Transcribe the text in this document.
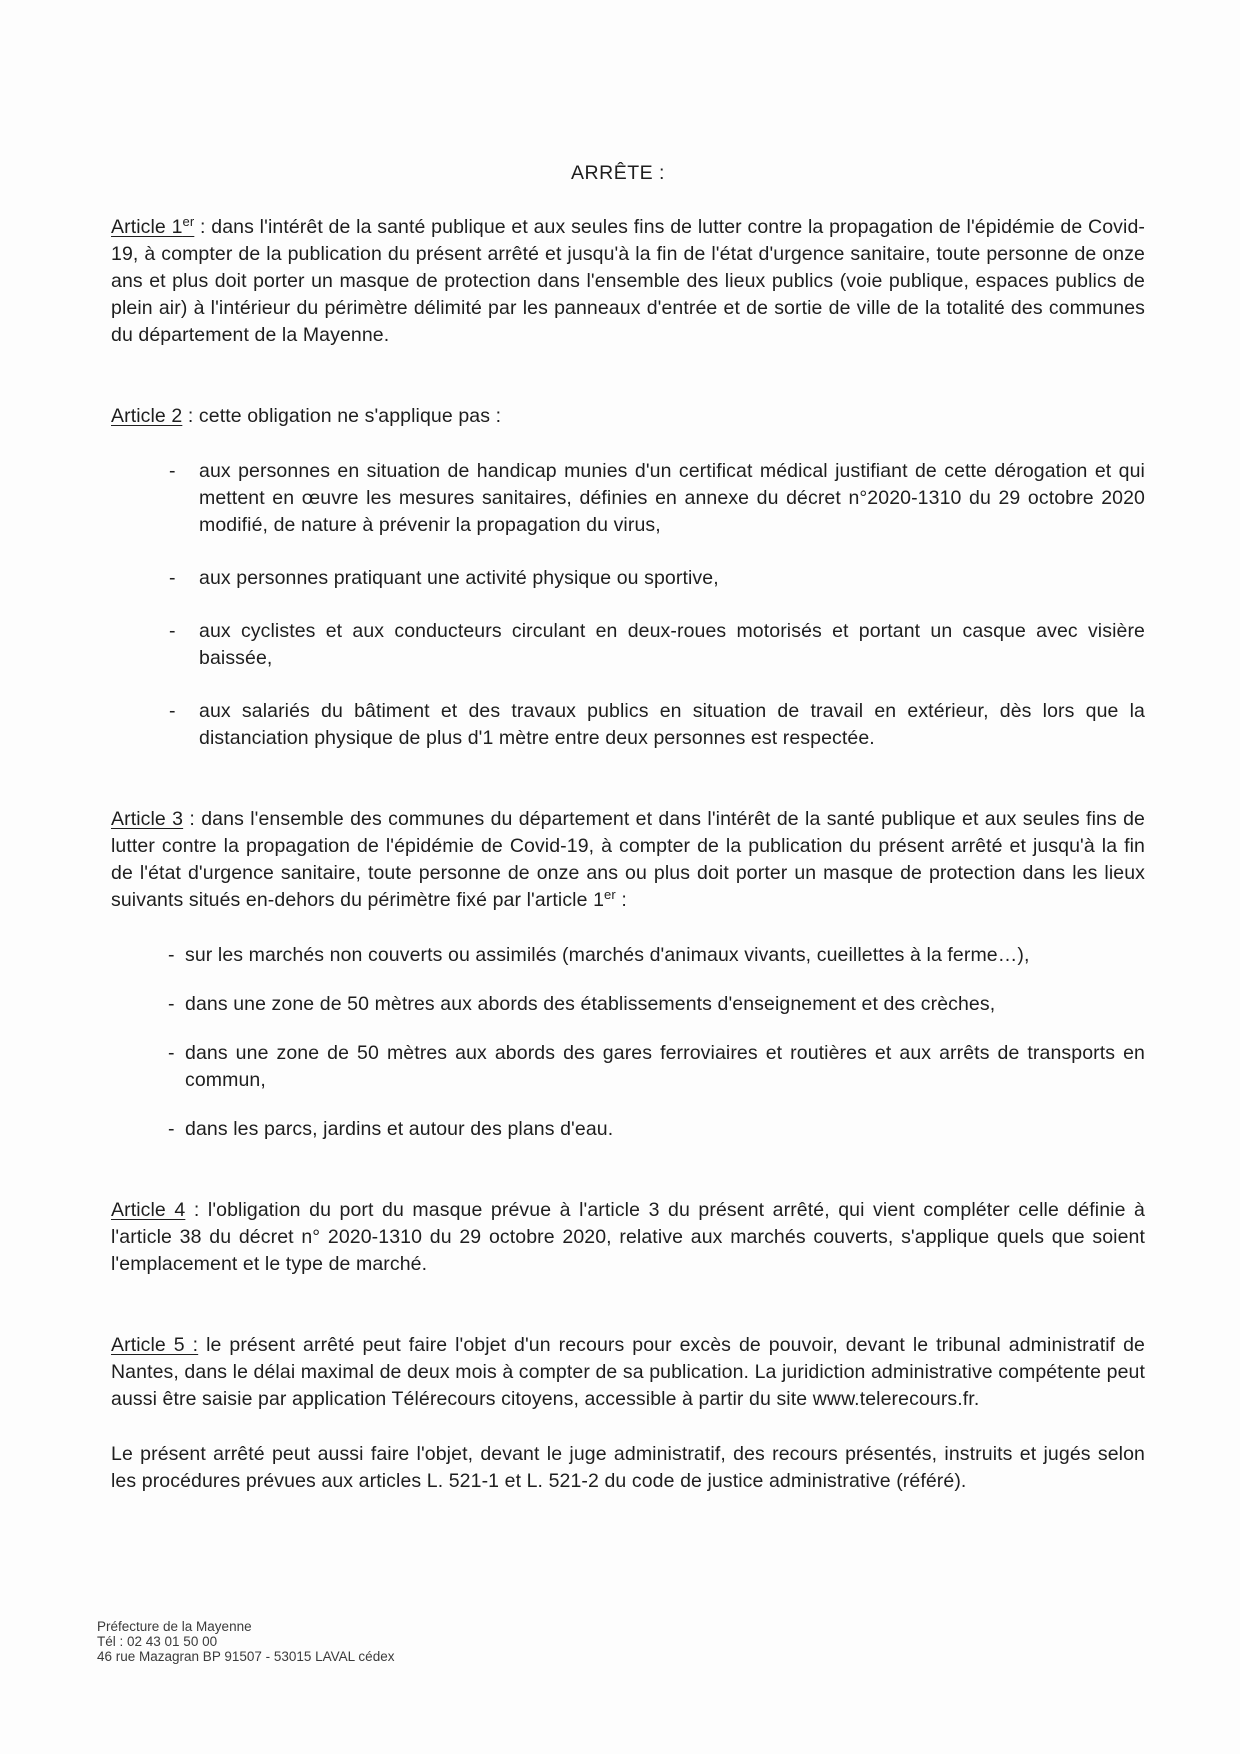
ARRÊTE :

Article 1er : dans l'intérêt de la santé publique et aux seules fins de lutter contre la propagation de l'épidémie de Covid-19, à compter de la publication du présent arrêté et jusqu'à la fin de l'état d'urgence sanitaire, toute personne de onze ans et plus doit porter un masque de protection dans l'ensemble des lieux publics (voie publique, espaces publics de plein air) à l'intérieur du périmètre délimité par les panneaux d'entrée et de sortie de ville de la totalité des communes du département de la Mayenne.

Article 2 : cette obligation ne s'applique pas :

- aux personnes en situation de handicap munies d'un certificat médical justifiant de cette dérogation et qui mettent en œuvre les mesures sanitaires, définies en annexe du décret n°2020-1310 du 29 octobre 2020 modifié, de nature à prévenir la propagation du virus,
- aux personnes pratiquant une activité physique ou sportive,
- aux cyclistes et aux conducteurs circulant en deux-roues motorisés et portant un casque avec visière baissée,
- aux salariés du bâtiment et des travaux publics en situation de travail en extérieur, dès lors que la distanciation physique de plus d'1 mètre entre deux personnes est respectée.

Article 3 : dans l'ensemble des communes du département et dans l'intérêt de la santé publique et aux seules fins de lutter contre la propagation de l'épidémie de Covid-19, à compter de la publication du présent arrêté et jusqu'à la fin de l'état d'urgence sanitaire, toute personne de onze ans ou plus doit porter un masque de protection dans les lieux suivants situés en-dehors du périmètre fixé par l'article 1er :

- sur les marchés non couverts ou assimilés (marchés d'animaux vivants, cueillettes à la ferme…),
- dans une zone de 50 mètres aux abords des établissements d'enseignement et des crèches,
- dans une zone de 50 mètres aux abords des gares ferroviaires et routières et aux arrêts de transports en commun,
- dans les parcs, jardins et autour des plans d'eau.

Article 4 : l'obligation du port du masque prévue à l'article 3 du présent arrêté, qui vient compléter celle définie à l'article 38 du décret n° 2020-1310 du 29 octobre 2020, relative aux marchés couverts, s'applique quels que soient l'emplacement et le type de marché.

Article 5 : le présent arrêté peut faire l'objet d'un recours pour excès de pouvoir, devant le tribunal administratif de Nantes, dans le délai maximal de deux mois à compter de sa publication. La juridiction administrative compétente peut aussi être saisie par application Télérecours citoyens, accessible à partir du site www.telerecours.fr.

Le présent arrêté peut aussi faire l'objet, devant le juge administratif, des recours présentés, instruits et jugés selon les procédures prévues aux articles L. 521-1 et L. 521-2 du code de justice administrative (référé).

Préfecture de la Mayenne
Tél : 02 43 01 50 00
46 rue Mazagran BP 91507 - 53015 LAVAL cédex
